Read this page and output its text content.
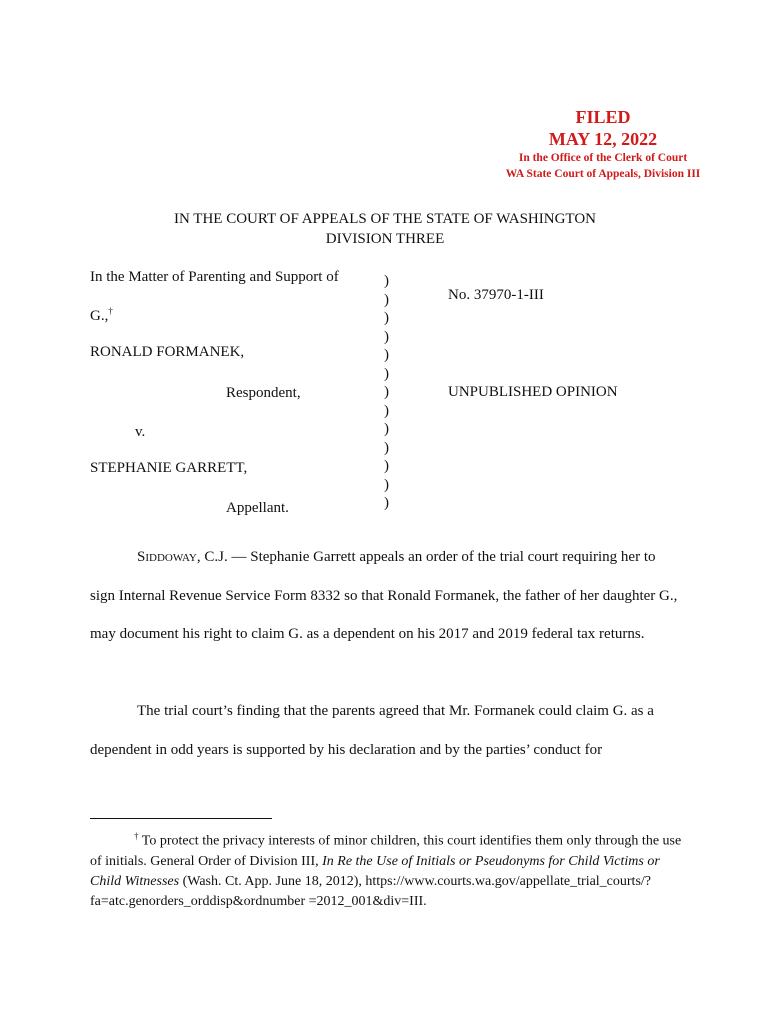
FILED
MAY 12, 2022
In the Office of the Clerk of Court
WA State Court of Appeals, Division III
IN THE COURT OF APPEALS OF THE STATE OF WASHINGTON
DIVISION THREE
In the Matter of Parenting and Support of
G.,†
RONALD FORMANEK,
Respondent,
v.
STEPHANIE GARRETT,
Appellant.
)
)
)
)
)
)
)
)
)
)
)
)
)
No. 37970-1-III
UNPUBLISHED OPINION
Siddoway, C.J. — Stephanie Garrett appeals an order of the trial court requiring her to sign Internal Revenue Service Form 8332 so that Ronald Formanek, the father of her daughter G., may document his right to claim G. as a dependent on his 2017 and 2019 federal tax returns.
The trial court’s finding that the parents agreed that Mr. Formanek could claim G. as a dependent in odd years is supported by his declaration and by the parties’ conduct for
† To protect the privacy interests of minor children, this court identifies them only through the use of initials. General Order of Division III, In Re the Use of Initials or Pseudonyms for Child Victims or Child Witnesses (Wash. Ct. App. June 18, 2012), https://www.courts.wa.gov/appellate_trial_courts/?fa=atc.genorders_orddisp&ordnumber =2012_001&div=III.
